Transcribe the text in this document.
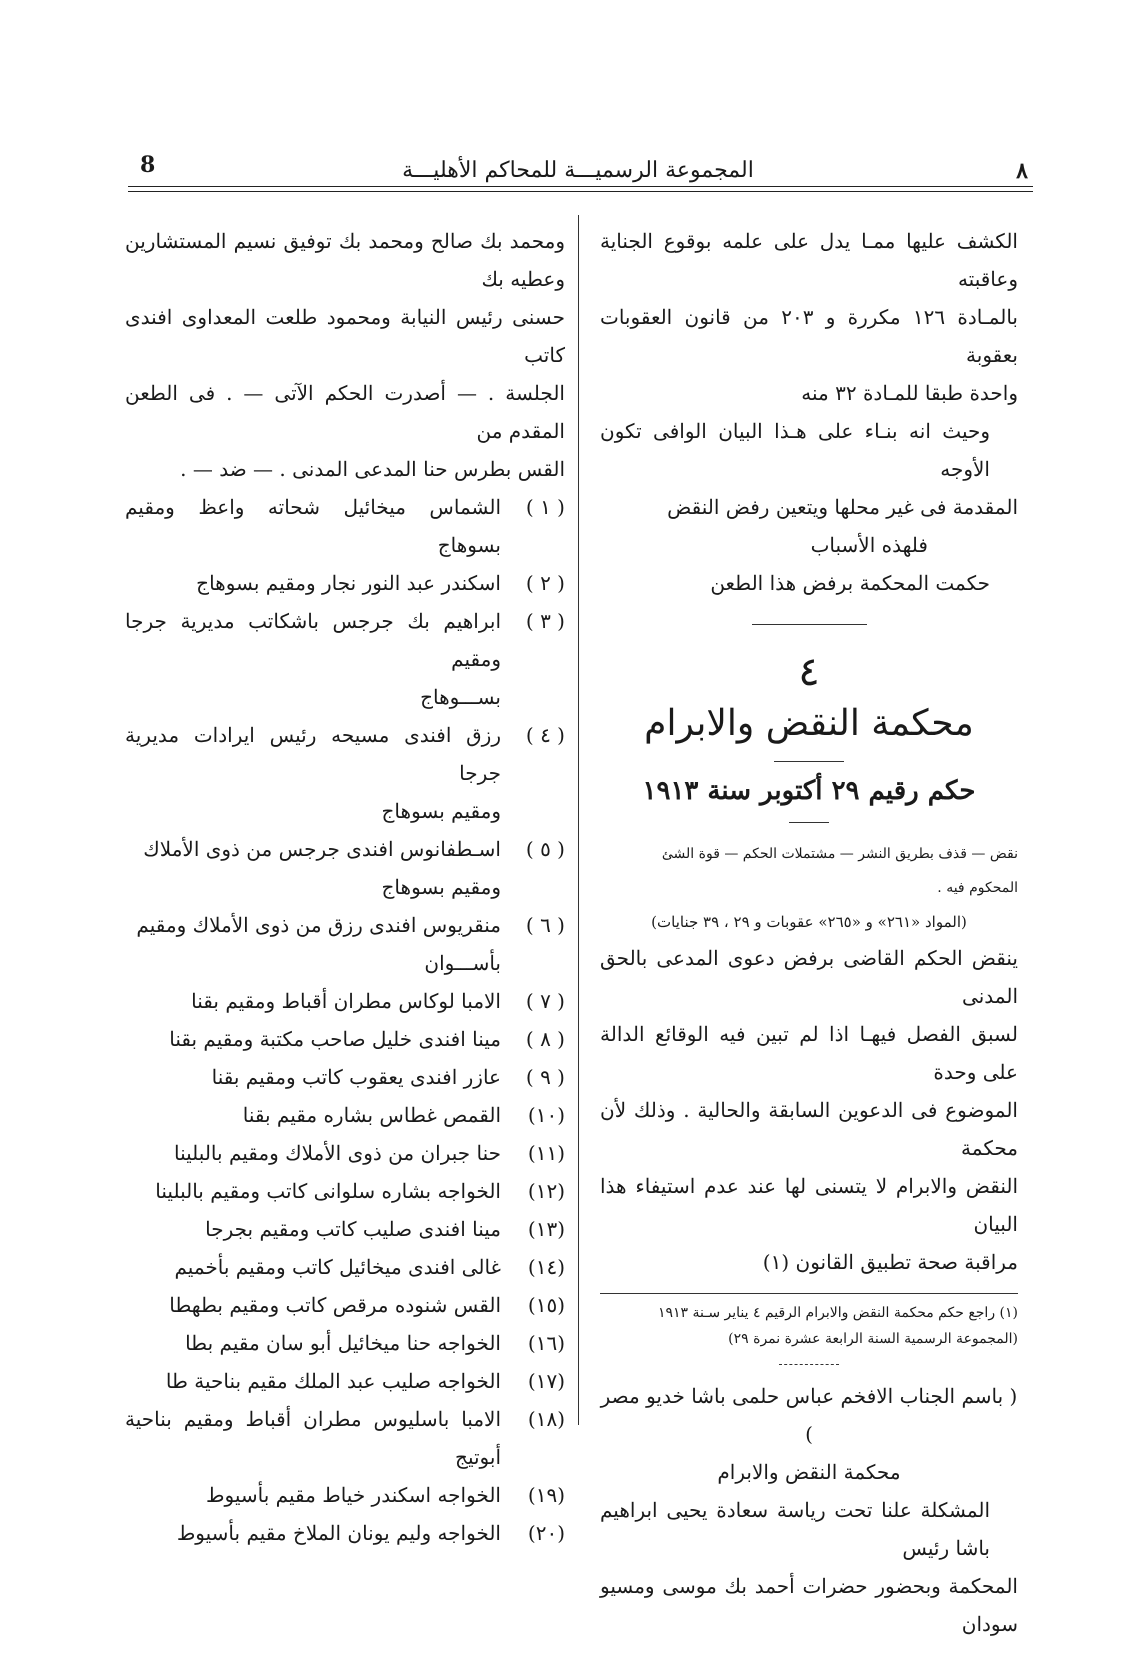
8	المجموعة الرسميـــة للمحاكم الأهليـــة	٨

الكشف عليها ممـا يدل على علمه بوقوع الجناية وعاقبته

بالمـادة ١٢٦ مكررة و ٢٠٣ من قانون العقوبات بعقوبة

واحدة طبقا للمـادة ٣٢ منه

وحيث انه بنـاء على هـذا البيان الوافى تكون الأوجه

المقدمة فى غير محلها ويتعين رفض النقض

فلهذه الأسباب

حكمت المحكمة برفض هذا الطعن

٤
محكمة النقض والابرام
حكم رقيم ٢٩ أكتوبر سنة ١٩١٣

نقض — قذف بطريق النشر — مشتملات الحكم — قوة الشئ

المحكوم فيه .

(المواد «٢٦١» و «٢٦٥» عقوبات و ٢٩ ، ٣٩ جنايات)

ينقض الحكم القاضى برفض دعوى المدعى بالحق المدنى

لسبق الفصل فيهـا اذا لم تبين فيه الوقائع الدالة على وحدة

الموضوع فى الدعوين السابقة والحالية . وذلك لأن محكمة

النقض والابرام لا يتسنى لها عند عدم استيفاء هذا البيان

مراقبة صحة تطبيق القانون (١)

(١) راجع حكم محكمة النقض والابرام الرقيم ٤ يناير سـنة ١٩١٣

(المجموعة الرسمية السنة الرابعة عشرة نمرة ٢٩)

( باسم الجناب الافخم عباس حلمى باشا خديو مصر )

محكمة النقض والابرام

المشكلة علنا تحت رياسة سعادة يحيى ابراهيم باشا رئيس

المحكمة وبحضور حضرات أحمد بك موسى ومسيو سودان

ومحمد بك صالح ومحمد بك توفيق نسيم المستشارين وعطيه بك

حسنى رئيس النيابة ومحمود طلعت المعداوى افندى كاتب

الجلسة . — أصدرت الحكم الآتى — . فى الطعن المقدم من

القس بطرس حنا المدعى المدنى . — ضد — .

( ١ )
الشماس ميخائيل شحاته واعظ ومقيم بسوهاج
( ٢ )
اسكندر عبد النور نجار ومقيم بسوهاج
( ٣ )
ابراهيم بك جرجس باشكاتب مديرية جرجا ومقيم
بســـوهاج
( ٤ )
رزق افندى مسيحه رئيس ايرادات مديرية جرجا
ومقيم بسوهاج
( ٥ )
اسـطفانوس افندى جرجس من ذوى الأملاك
ومقيم بسوهاج
( ٦ )
منقريوس افندى رزق من ذوى الأملاك ومقيم
بأســـوان
( ٧ )
الامبا لوكاس مطران أقباط ومقيم بقنا
( ٨ )
مينا افندى خليل صاحب مكتبة ومقيم بقنا
( ٩ )
عازر افندى يعقوب كاتب ومقيم بقنا
(١٠)
القمص غطاس بشاره مقيم بقنا
(١١)
حنا جبران من ذوى الأملاك ومقيم بالبلينا
(١٢)
الخواجه بشاره سلوانى كاتب ومقيم بالبلينا
(١٣)
مينا افندى صليب كاتب ومقيم بجرجا
(١٤)
غالى افندى ميخائيل كاتب ومقيم بأخميم
(١٥)
القس شنوده مرقص كاتب ومقيم بطهطا
(١٦)
الخواجه حنا ميخائيل أبو سان مقيم بطا
(١٧)
الخواجه صليب عبد الملك مقيم بناحية طا
(١٨)
الامبا باسليوس مطران أقباط ومقيم بناحية أبوتيج
(١٩)
الخواجه اسكندر خياط مقيم بأسيوط
(٢٠)
الخواجه وليم يونان الملاخ مقيم بأسيوط
